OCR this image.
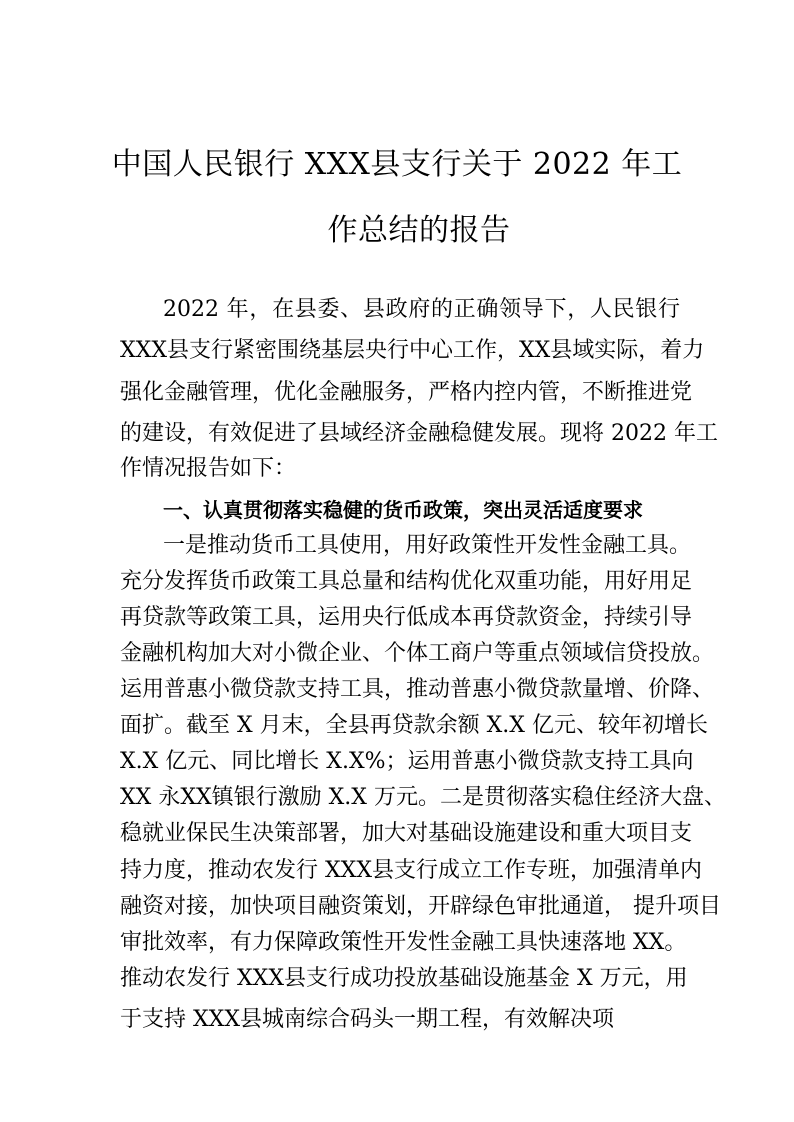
中国人民银行 XXX县支行关于 2022 年工
作总结的报告
2022 年，在县委、县政府的正确领导下，人民银行
XXX县支行紧密围绕基层央行中心工作，XX县域实际，着力
强化金融管理，优化金融服务，严格内控内管，不断推进党
的建设，有效促进了县域经济金融稳健发展。现将 2022 年工
作情况报告如下：
一、认真贯彻落实稳健的货币政策，突出灵活适度要求
一是推动货币工具使用，用好政策性开发性金融工具。
充分发挥货币政策工具总量和结构优化双重功能，用好用足
再贷款等政策工具，运用央行低成本再贷款资金，持续引导
金融机构加大对小微企业、个体工商户等重点领域信贷投放。
运用普惠小微贷款支持工具，推动普惠小微贷款量增、价降、
面扩。截至 X 月末，全县再贷款余额 X.X 亿元、较年初增长
X.X 亿元、同比增长 X.X%；运用普惠小微贷款支持工具向
XX 永XX镇银行激励 X.X 万元。二是贯彻落实稳住经济大盘、
稳就业保民生决策部署，加大对基础设施建设和重大项目支
持力度，推动农发行 XXX县支行成立工作专班，加强清单内
融资对接，加快项目融资策划，开辟绿色审批通道， 提升项目
审批效率，有力保障政策性开发性金融工具快速落地 XX。
推动农发行 XXX县支行成功投放基础设施基金 X 万元，用
于支持 XXX县城南综合码头一期工程，有效解决项
